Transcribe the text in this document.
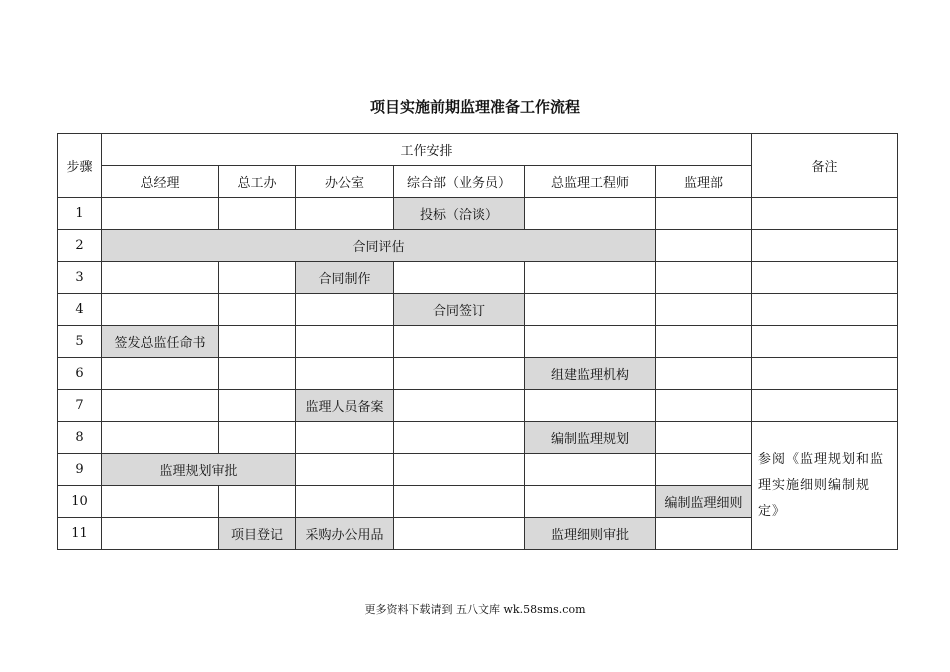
项目实施前期监理准备工作流程
步骤	工作安排						备注
	总经理	总工办	办公室	综合部（业务员）	总监理工程师	监理部	
1				投标（洽谈）			
2	合同评估						
3			合同制作				
4				合同签订			
5	签发总监任命书						
6					组建监理机构		
7			监理人员备案				
8					编制监理规划		参阅《监理规划和监理实施细则编制规定》
9	监理规划审批						
10						编制监理细则	
11		项目登记	采购办公用品		监理细则审批		
更多资料下载请到 五八文库 wk.58sms.com
